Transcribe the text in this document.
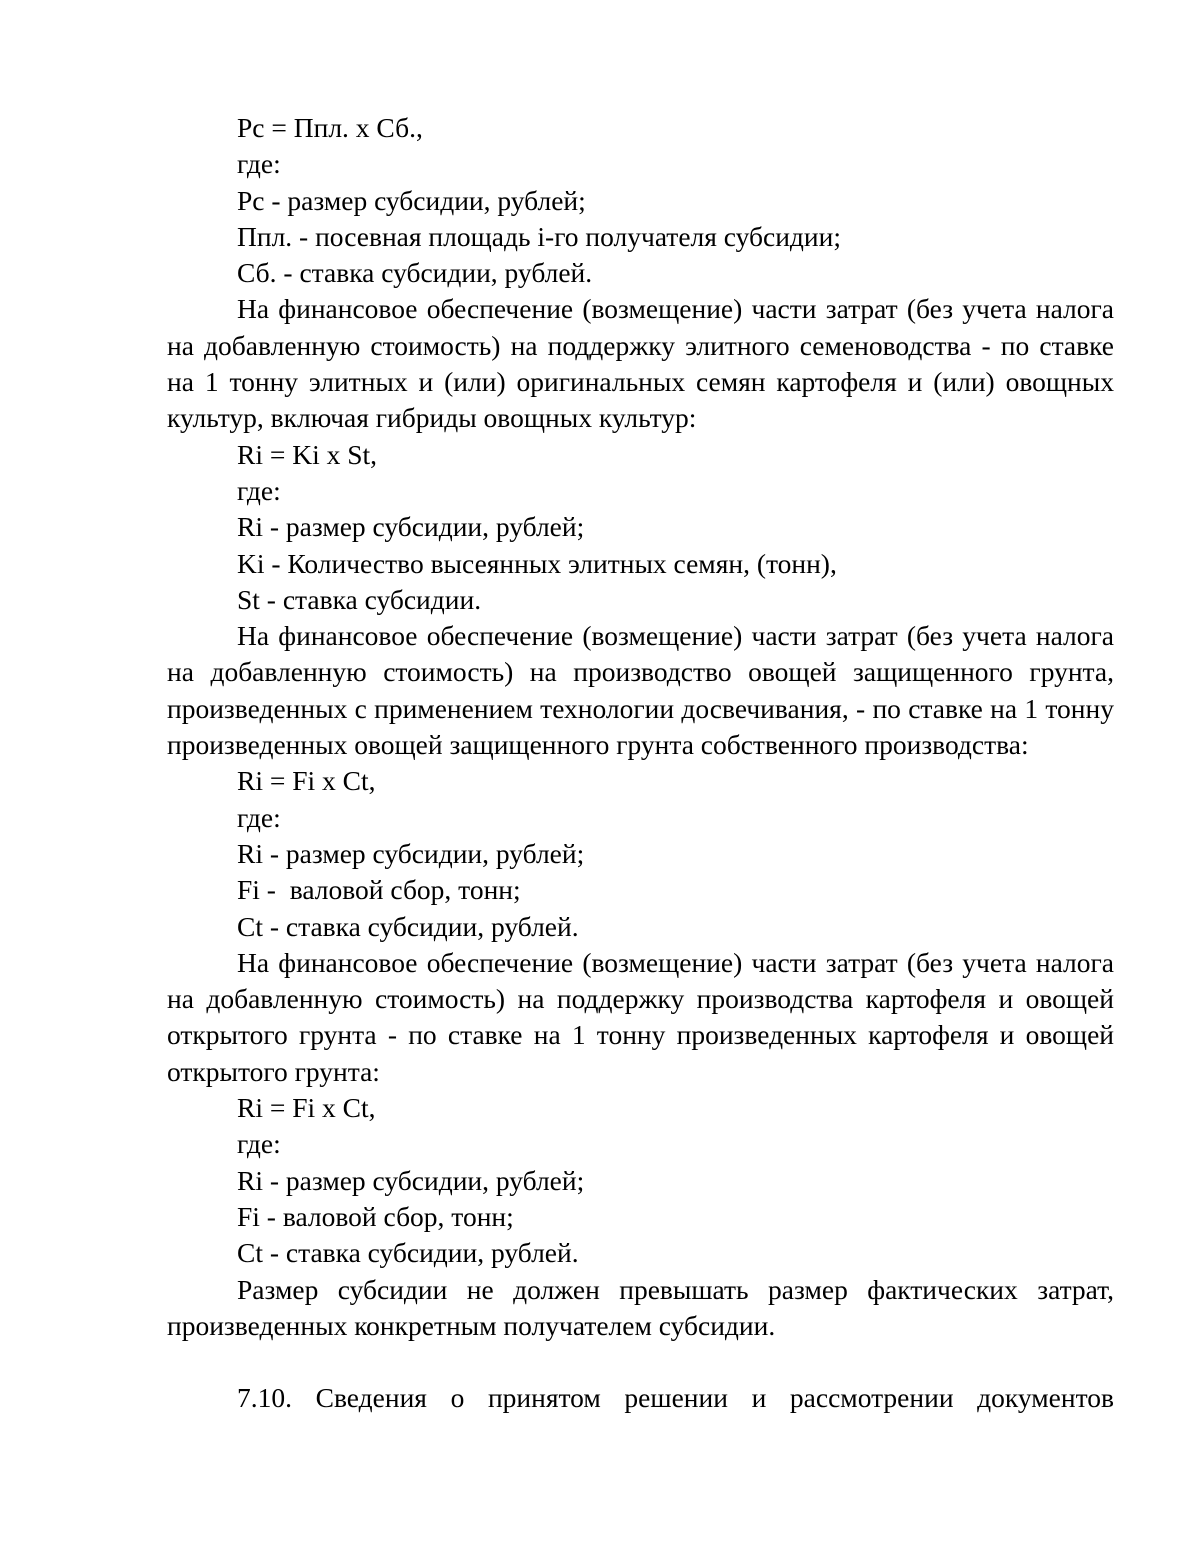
Рс = Ппл. х Сб.,
где:
Рс - размер субсидии, рублей;
Ппл. - посевная площадь i-го получателя субсидии;
Сб. - ставка субсидии, рублей.
На финансовое обеспечение (возмещение) части затрат (без учета налога
на добавленную стоимость) на поддержку элитного семеноводства - по ставке
на 1 тонну элитных и (или) оригинальных семян картофеля и (или) овощных
культур, включая гибриды овощных культур:
Ri = Ki x St,
где:
Ri - размер субсидии, рублей;
Ki - Количество высеянных элитных семян, (тонн),
St - ставка субсидии.
На финансовое обеспечение (возмещение) части затрат (без учета налога
на добавленную стоимость) на производство овощей защищенного грунта,
произведенных с применением технологии досвечивания, - по ставке на 1 тонну
произведенных овощей защищенного грунта собственного производства:
Ri = Fi x Ct,
где:
Ri - размер субсидии, рублей;
Fi -  валовой сбор, тонн;
Ct - ставка субсидии, рублей.
На финансовое обеспечение (возмещение) части затрат (без учета налога
на добавленную стоимость) на поддержку производства картофеля и овощей
открытого грунта - по ставке на 1 тонну произведенных картофеля и овощей
открытого грунта:
Ri = Fi x Ct,
где:
Ri - размер субсидии, рублей;
Fi - валовой сбор, тонн;
Ct - ставка субсидии, рублей.
Размер субсидии не должен превышать размер фактических затрат,
произведенных конкретным получателем субсидии.
7.10. Сведения о принятом решении и рассмотрении документов
